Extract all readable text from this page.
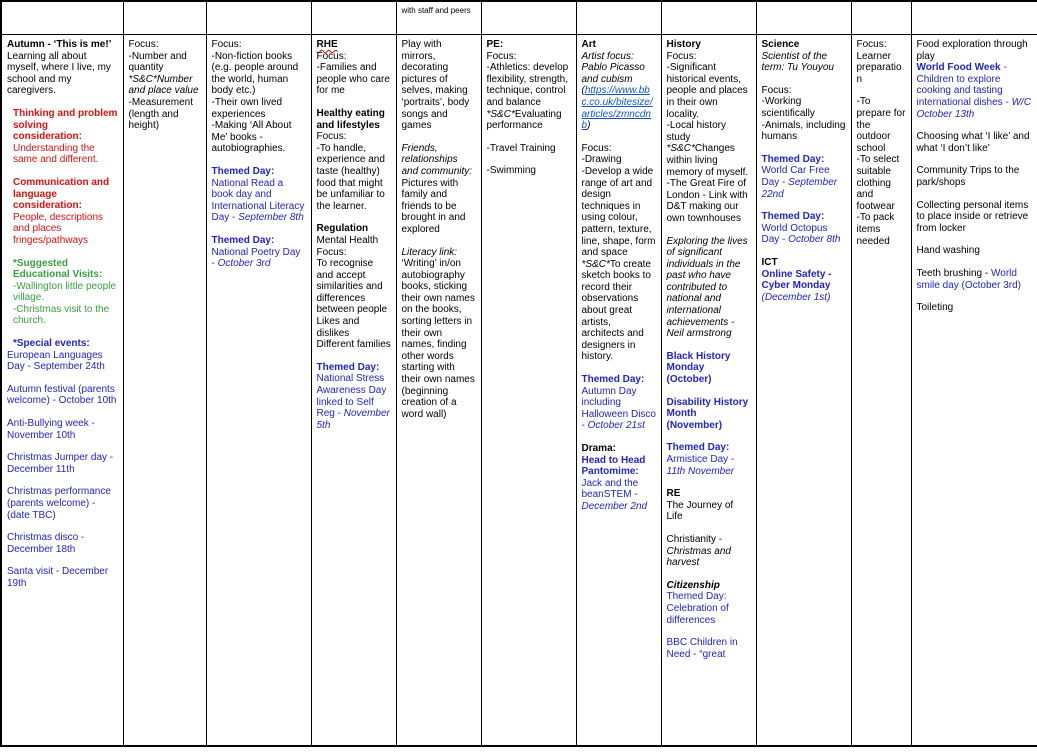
				with staff and peers						

Autumn - ‘This is me!’ Learning all about myself, where I live, my school and my caregivers.
Thinking and problem solving consideration:
Understanding the same and different.
Communication and language consideration:
People, descriptions and places fringes/pathways
*Suggested Educational Visits:
-Wallington little people village.
-Christmas visit to the church.
*Special events:
European Languages Day - September 24th
Autumn festival (parents welcome) - October 10th
Anti-Bullying week - November 10th
Christmas Jumper day - December 11th
Christmas performance (parents welcome) - (date TBC)
Christmas disco - December 18th
Santa visit - December 19th

Focus:
-Number and quantity
*S&C*Number and place value
-Measurement (length and height)

Focus:
-Non-fiction books (e.g. people around the world, human body etc.)
-Their own lived experiences
-Making ‘All About Me’ books - autobiographies.
Themed Day:
National Read a book day and International Literacy Day - September 8th
Themed Day:
National Poetry Day - October 3rd

RHE
Focus:
-Families and people who care for me
Healthy eating and lifestyles
Focus:
-To handle, experience and taste (healthy) food that might be unfamiliar to the learner.
Regulation
Mental Health Focus:
To recognise and accept similarities and differences between people
Likes and dislikes
Different families
Themed Day:
National Stress Awareness Day linked to Self Reg - November 5th

Play with mirrors, decorating pictures of selves, making ‘portraits’, body songs and games
Friends, relationships and community:
Pictures with family and friends to be brought in and explored
Literacy link:
‘Writing’ in/on autobiography books, sticking their own names on the books, sorting letters in their own names, finding other words starting with their own names (beginning creation of a word wall)

PE:
Focus:
-Athletics: develop flexibility, strength, technique, control and balance
*S&C*Evaluating performance
-Travel Training
-Swimming

Art
Artist focus: Pablo Picasso and cubism
(https://www.bbc.co.uk/bitesize/articles/zmncdnb)
Focus:
-Drawing
-Develop a wide range of art and design techniques in using colour, pattern, texture, line, shape, form and space
*S&C*To create sketch books to record their observations about great artists, architects and designers in history.
Themed Day:
Autumn Day including Halloween Disco - October 21st
Drama:
Head to Head Pantomime:
Jack and the beanSTEM - December 2nd

History
Focus:
-Significant historical events, people and places in their own locality.
-Local history study
*S&C*Changes within living memory of myself.
-The Great Fire of London - Link with D&T making our own townhouses
Exploring the lives of significant individuals in the past who have contributed to national and international achievements - Neil armstrong
Black History Monday (October)
Disability History Month (November)
Themed Day:
Armistice Day - 11th November
RE
The Journey of Life
Christianity - Christmas and harvest
Citizenship
Themed Day: Celebration of differences
BBC Children in Need - “great

Science
Scientist of the term: Tu Youyou
Focus:
-Working scientifically
-Animals, including humans
Themed Day:
World Car Free Day - September 22nd
Themed Day:
World Octopus Day - October 8th
ICT
Online Safety - Cyber Monday
(December 1st)

Focus:
Learner preparation
-To prepare for the outdoor school
-To select suitable clothing and footwear
-To pack items needed

Food exploration through play
World Food Week - Children to explore cooking and tasting international dishes - W/C October 13th
Choosing what ‘I like’ and what ‘I don’t like’
Community Trips to the park/shops
Collecting personal items to place inside or retrieve from locker
Hand washing
Teeth brushing - World smile day (October 3rd)
Toileting
